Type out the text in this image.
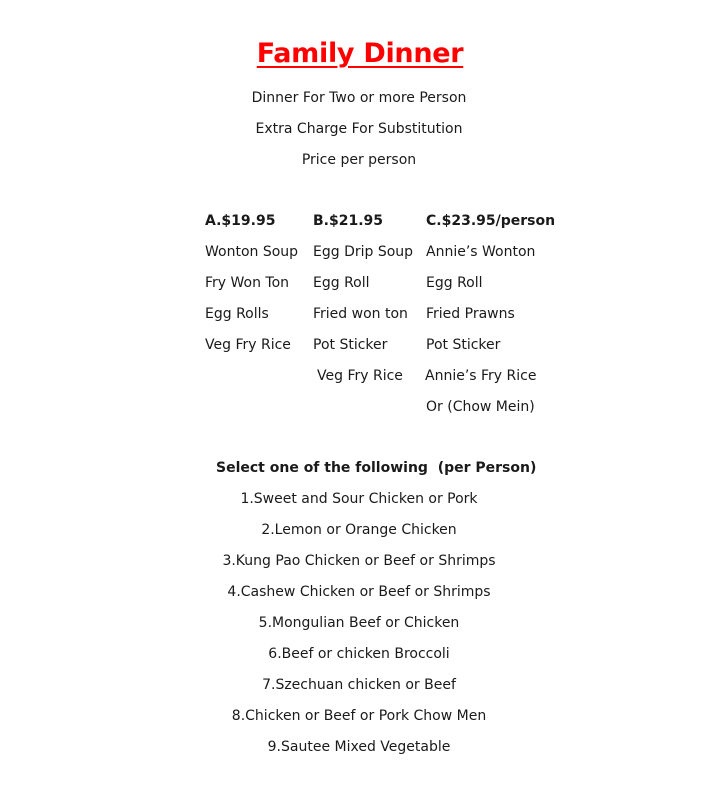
Family Dinner
Dinner For Two or more Person
Extra Charge For Substitution
Price per person
A.$19.95
Wonton Soup
Fry Won Ton
Egg Rolls
Veg Fry Rice
B.$21.95
Egg Drip Soup
Egg Roll
Fried won ton
Pot Sticker
Veg Fry Rice
C.$23.95/person
Annie’s Wonton
Egg Roll
Fried Prawns
Pot Sticker
Annie’s Fry Rice
Or (Chow Mein)
Select one of the following  (per Person)
1.Sweet and Sour Chicken or Pork
2.Lemon or Orange Chicken
3.Kung Pao Chicken or Beef or Shrimps
4.Cashew Chicken or Beef or Shrimps
5.Mongulian Beef or Chicken
6.Beef or chicken Broccoli
7.Szechuan chicken or Beef
8.Chicken or Beef or Pork Chow Men
9.Sautee Mixed Vegetable
